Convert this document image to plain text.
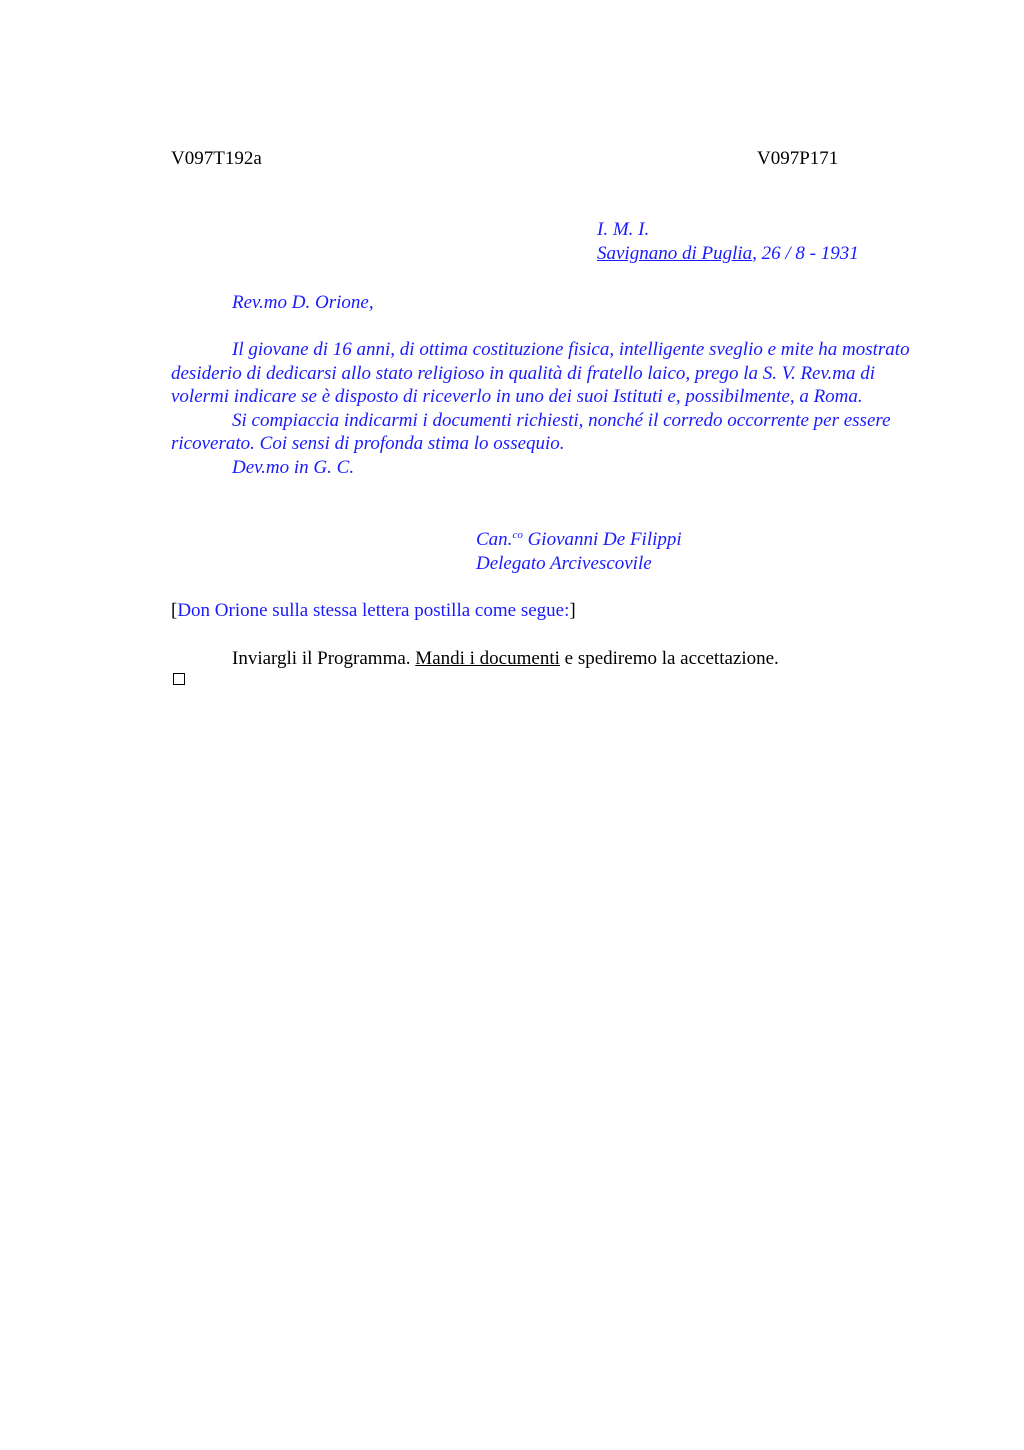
V097T192a	V097P171
I. M. I.
Savignano di Puglia, 26 / 8 - 1931
Rev.mo D. Orione,

Il giovane di 16 anni, di ottima costituzione fisica, intelligente sveglio e mite ha mostrato desiderio di dedicarsi allo stato religioso in qualità di fratello laico, prego la S. V. Rev.ma di volermi indicare se è disposto di riceverlo in uno dei suoi Istituti e, possibilmente, a Roma.

Si compiaccia indicarmi i documenti richiesti, nonché il corredo occorrente per essere ricoverato. Coi sensi di profonda stima lo ossequio.

Dev.mo in G. C.

Can.$^{co}$ Giovanni De Filippi
Delegato Arcivescovile
[Don Orione sulla stessa lettera postilla come segue:]
Inviargli il Programma. Mandi i documenti e spediremo la accettazione.
